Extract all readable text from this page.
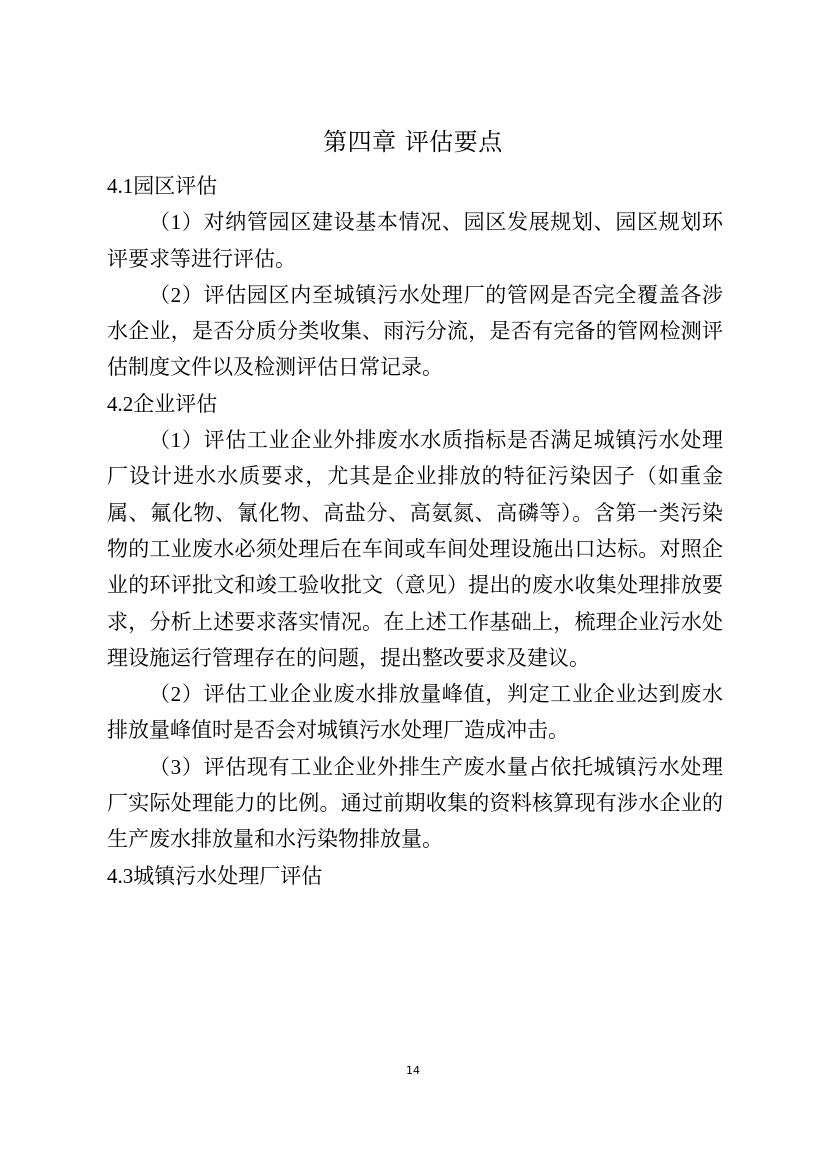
第四章 评估要点
4.1园区评估

（1）对纳管园区建设基本情况、园区发展规划、园区规划环评要求等进行评估。

（2）评估园区内至城镇污水处理厂的管网是否完全覆盖各涉水企业，是否分质分类收集、雨污分流，是否有完备的管网检测评估制度文件以及检测评估日常记录。

4.2企业评估

（1）评估工业企业外排废水水质指标是否满足城镇污水处理厂设计进水水质要求，尤其是企业排放的特征污染因子（如重金属、氟化物、氰化物、高盐分、高氨氮、高磷等）。含第一类污染物的工业废水必须处理后在车间或车间处理设施出口达标。对照企业的环评批文和竣工验收批文（意见）提出的废水收集处理排放要求，分析上述要求落实情况。在上述工作基础上，梳理企业污水处理设施运行管理存在的问题，提出整改要求及建议。

（2）评估工业企业废水排放量峰值，判定工业企业达到废水排放量峰值时是否会对城镇污水处理厂造成冲击。

（3）评估现有工业企业外排生产废水量占依托城镇污水处理厂实际处理能力的比例。通过前期收集的资料核算现有涉水企业的生产废水排放量和水污染物排放量。

4.3城镇污水处理厂评估
14
